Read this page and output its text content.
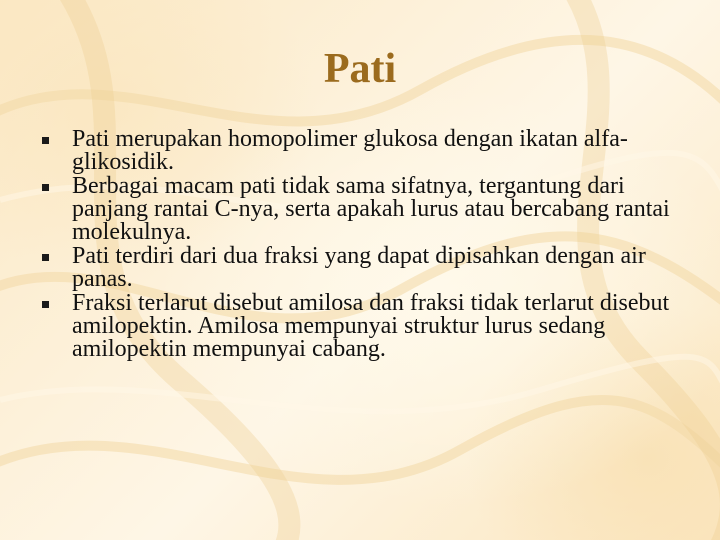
Pati
Pati merupakan homopolimer glukosa dengan ikatan alfa-glikosidik.
Berbagai macam pati tidak sama sifatnya, tergantung dari panjang rantai C-nya, serta apakah lurus atau bercabang rantai molekulnya.
Pati terdiri dari dua fraksi yang dapat dipisahkan dengan air panas.
Fraksi terlarut disebut amilosa dan fraksi tidak terlarut disebut amilopektin. Amilosa mempunyai struktur lurus sedang amilopektin mempunyai cabang.
